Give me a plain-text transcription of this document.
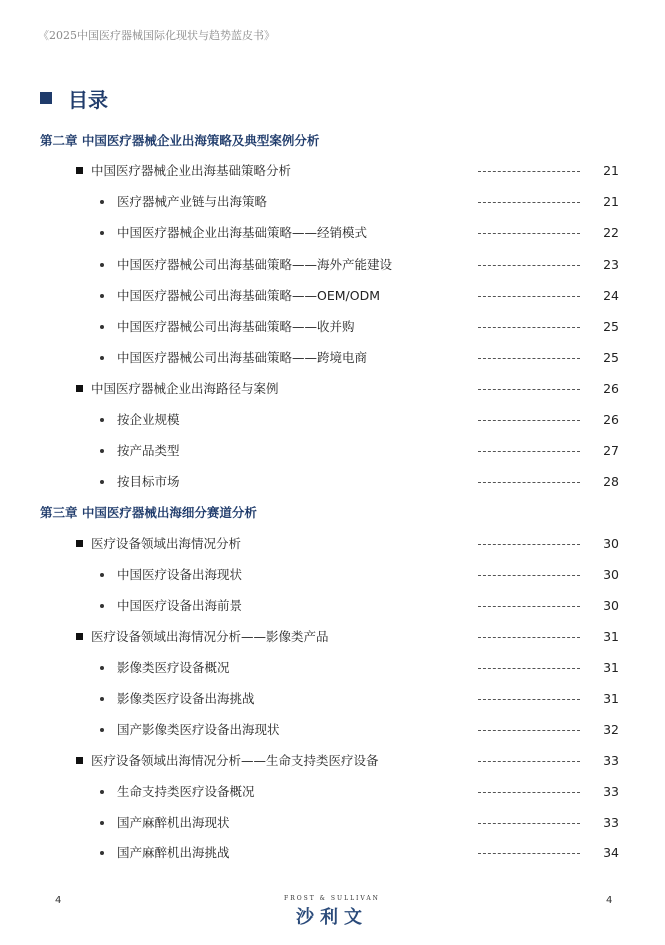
《2025中国医疗器械国际化现状与趋势蓝皮书》
目录
第二章 中国医疗器械企业出海策略及典型案例分析
中国医疗器械企业出海基础策略分析	21
医疗器械产业链与出海策略	21
中国医疗器械企业出海基础策略——经销模式	22
中国医疗器械公司出海基础策略——海外产能建设	23
中国医疗器械公司出海基础策略——OEM/ODM	24
中国医疗器械公司出海基础策略——收并购	25
中国医疗器械公司出海基础策略——跨境电商	25
中国医疗器械企业出海路径与案例	26
按企业规模	26
按产品类型	27
按目标市场	28
第三章 中国医疗器械出海细分赛道分析
医疗设备领域出海情况分析	30
中国医疗设备出海现状	30
中国医疗设备出海前景	30
医疗设备领域出海情况分析——影像类产品	31
影像类医疗设备概况	31
影像类医疗设备出海挑战	31
国产影像类医疗设备出海现状	32
医疗设备领域出海情况分析——生命支持类医疗设备	33
生命支持类医疗设备概况	33
国产麻醉机出海现状	33
国产麻醉机出海挑战	34
4	FROST & SULLIVAN
沙利文
4
